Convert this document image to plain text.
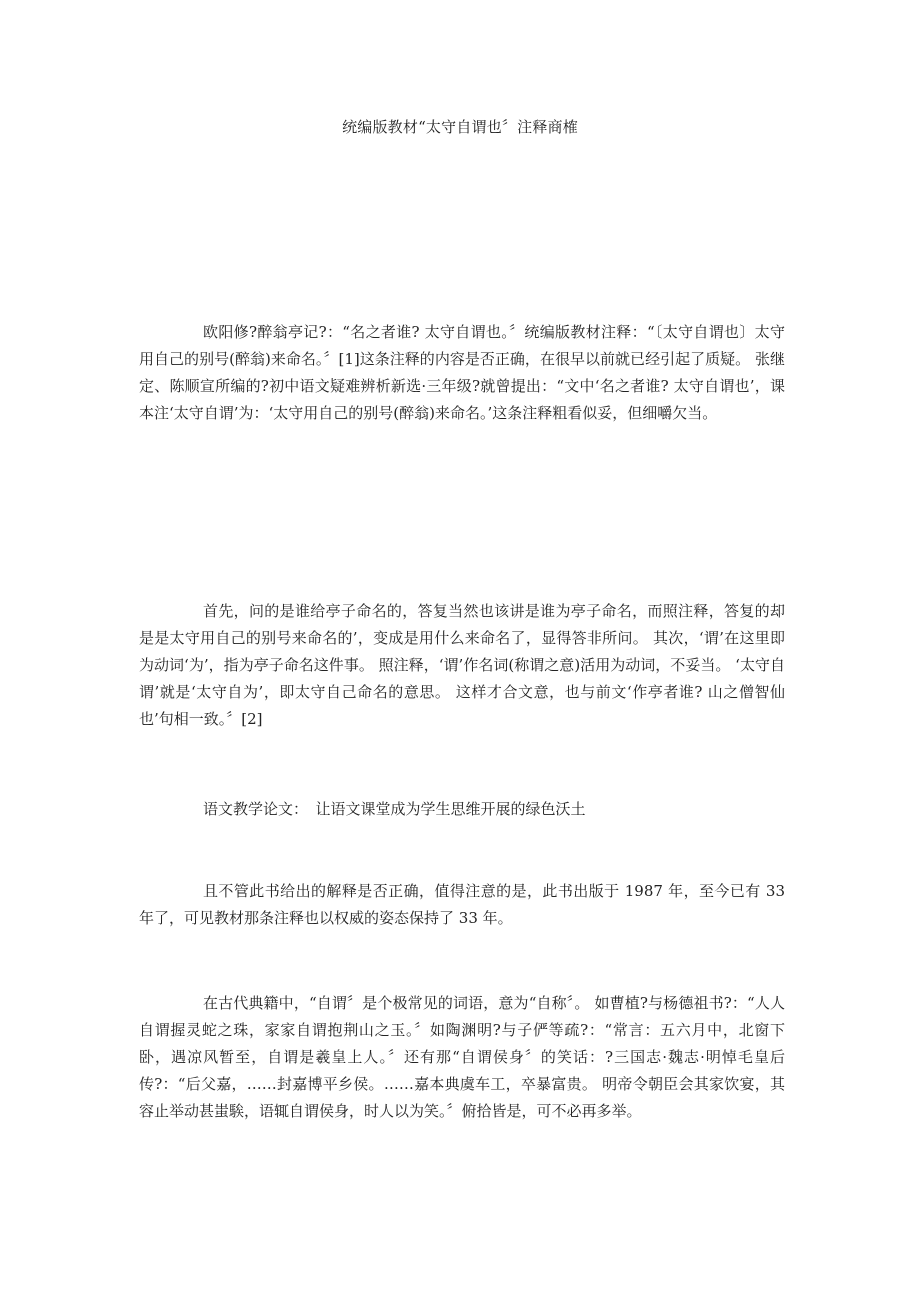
统编版教材“太守自谓也〞注释商榷

欧阳修?醉翁亭记?：“名之者谁? 太守自谓也。〞统编版教材注释：“〔太守自谓也〕太守用自己的别号(醉翁)来命名。〞[1]这条注释的内容是否正确，在很早以前就已经引起了质疑。 张继定、陈顺宣所编的?初中语文疑难辨析新选·三年级?就曾提出：“文中‘名之者谁? 太守自谓也’，课本注‘太守自谓’为：‘太守用自己的别号(醉翁)来命名。’这条注释粗看似妥，但细嚼欠当。

首先，问的是谁给亭子命名的，答复当然也该讲是谁为亭子命名，而照注释，答复的却是是太守用自己的别号来命名的’，变成是用什么来命名了，显得答非所问。 其次，‘谓’在这里即为动词‘为’，指为亭子命名这件事。 照注释，‘谓’作名词(称谓之意)活用为动词，不妥当。 ‘太守自谓’就是‘太守自为’，即太守自己命名的意思。 这样才合文意，也与前文‘作亭者谁? 山之僧智仙也’句相一致。〞[2]

语文教学论文：　让语文课堂成为学生思维开展的绿色沃土

且不管此书给出的解释是否正确，值得注意的是，此书出版于 1987 年，至今已有 33 年了，可见教材那条注释也以权威的姿态保持了 33 年。

在古代典籍中，“自谓〞是个极常见的词语，意为“自称〞。 如曹植?与杨德祖书?：“人人自谓握灵蛇之珠，家家自谓抱荆山之玉。〞如陶渊明?与子俨等疏?：“常言：五六月中，北窗下卧，遇凉风暂至，自谓是羲皇上人。〞还有那“自谓侯身〞的笑话：?三国志·魏志·明悼毛皇后传?：“后父嘉，……封嘉博平乡侯。……嘉本典虞车工，卒暴富贵。 明帝令朝臣会其家饮宴，其容止举动甚蚩騃，语辄自谓侯身，时人以为笑。〞俯拾皆是，可不必再多举。
